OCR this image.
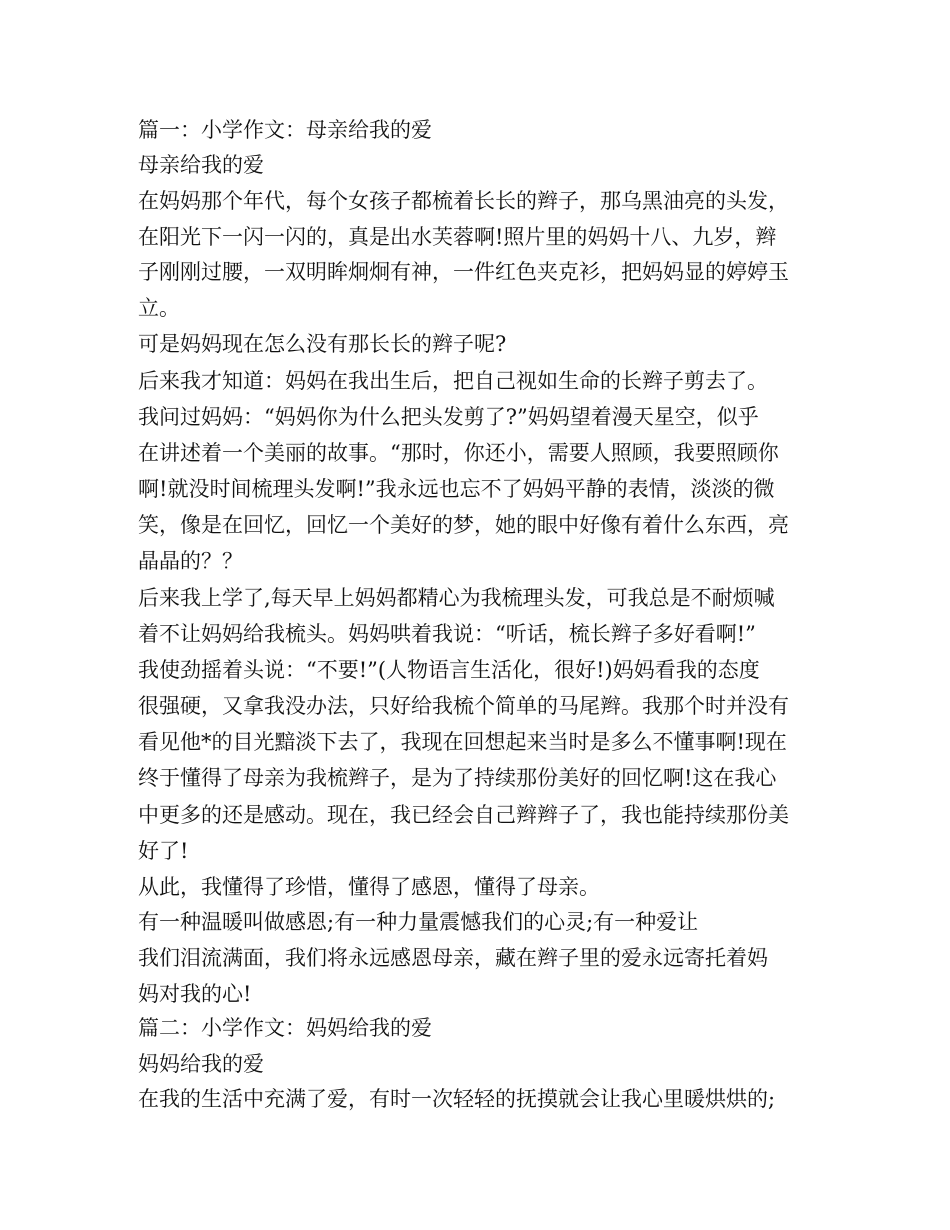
篇一：小学作文：母亲给我的爱
母亲给我的爱
在妈妈那个年代，每个女孩子都梳着长长的辫子，那乌黑油亮的头发，
在阳光下一闪一闪的，真是出水芙蓉啊!照片里的妈妈十八、九岁，辫
子刚刚过腰，一双明眸炯炯有神，一件红色夹克衫，把妈妈显的婷婷玉
立。
可是妈妈现在怎么没有那长长的辫子呢?
后来我才知道：妈妈在我出生后，把自己视如生命的长辫子剪去了。
我问过妈妈：“妈妈你为什么把头发剪了?”妈妈望着漫天星空，似乎
在讲述着一个美丽的故事。“那时，你还小，需要人照顾，我要照顾你
啊!就没时间梳理头发啊!”我永远也忘不了妈妈平静的表情，淡淡的微
笑，像是在回忆，回忆一个美好的梦，她的眼中好像有着什么东西，亮
晶晶的？？
后来我上学了,每天早上妈妈都精心为我梳理头发，可我总是不耐烦喊
着不让妈妈给我梳头。妈妈哄着我说：“听话，梳长辫子多好看啊!”
我使劲摇着头说：“不要!”(人物语言生活化，很好!)妈妈看我的态度
很强硬，又拿我没办法，只好给我梳个简单的马尾辫。我那个时并没有
看见他*的目光黯淡下去了，我现在回想起来当时是多么不懂事啊!现在
终于懂得了母亲为我梳辫子，是为了持续那份美好的回忆啊!这在我心
中更多的还是感动。现在，我已经会自己辫辫子了，我也能持续那份美
好了!
从此，我懂得了珍惜，懂得了感恩，懂得了母亲。
有一种温暖叫做感恩;有一种力量震憾我们的心灵;有一种爱让
我们泪流满面，我们将永远感恩母亲，藏在辫子里的爱永远寄托着妈
妈对我的心!
篇二：小学作文：妈妈给我的爱
妈妈给我的爱
在我的生活中充满了爱，有时一次轻轻的抚摸就会让我心里暖烘烘的;
